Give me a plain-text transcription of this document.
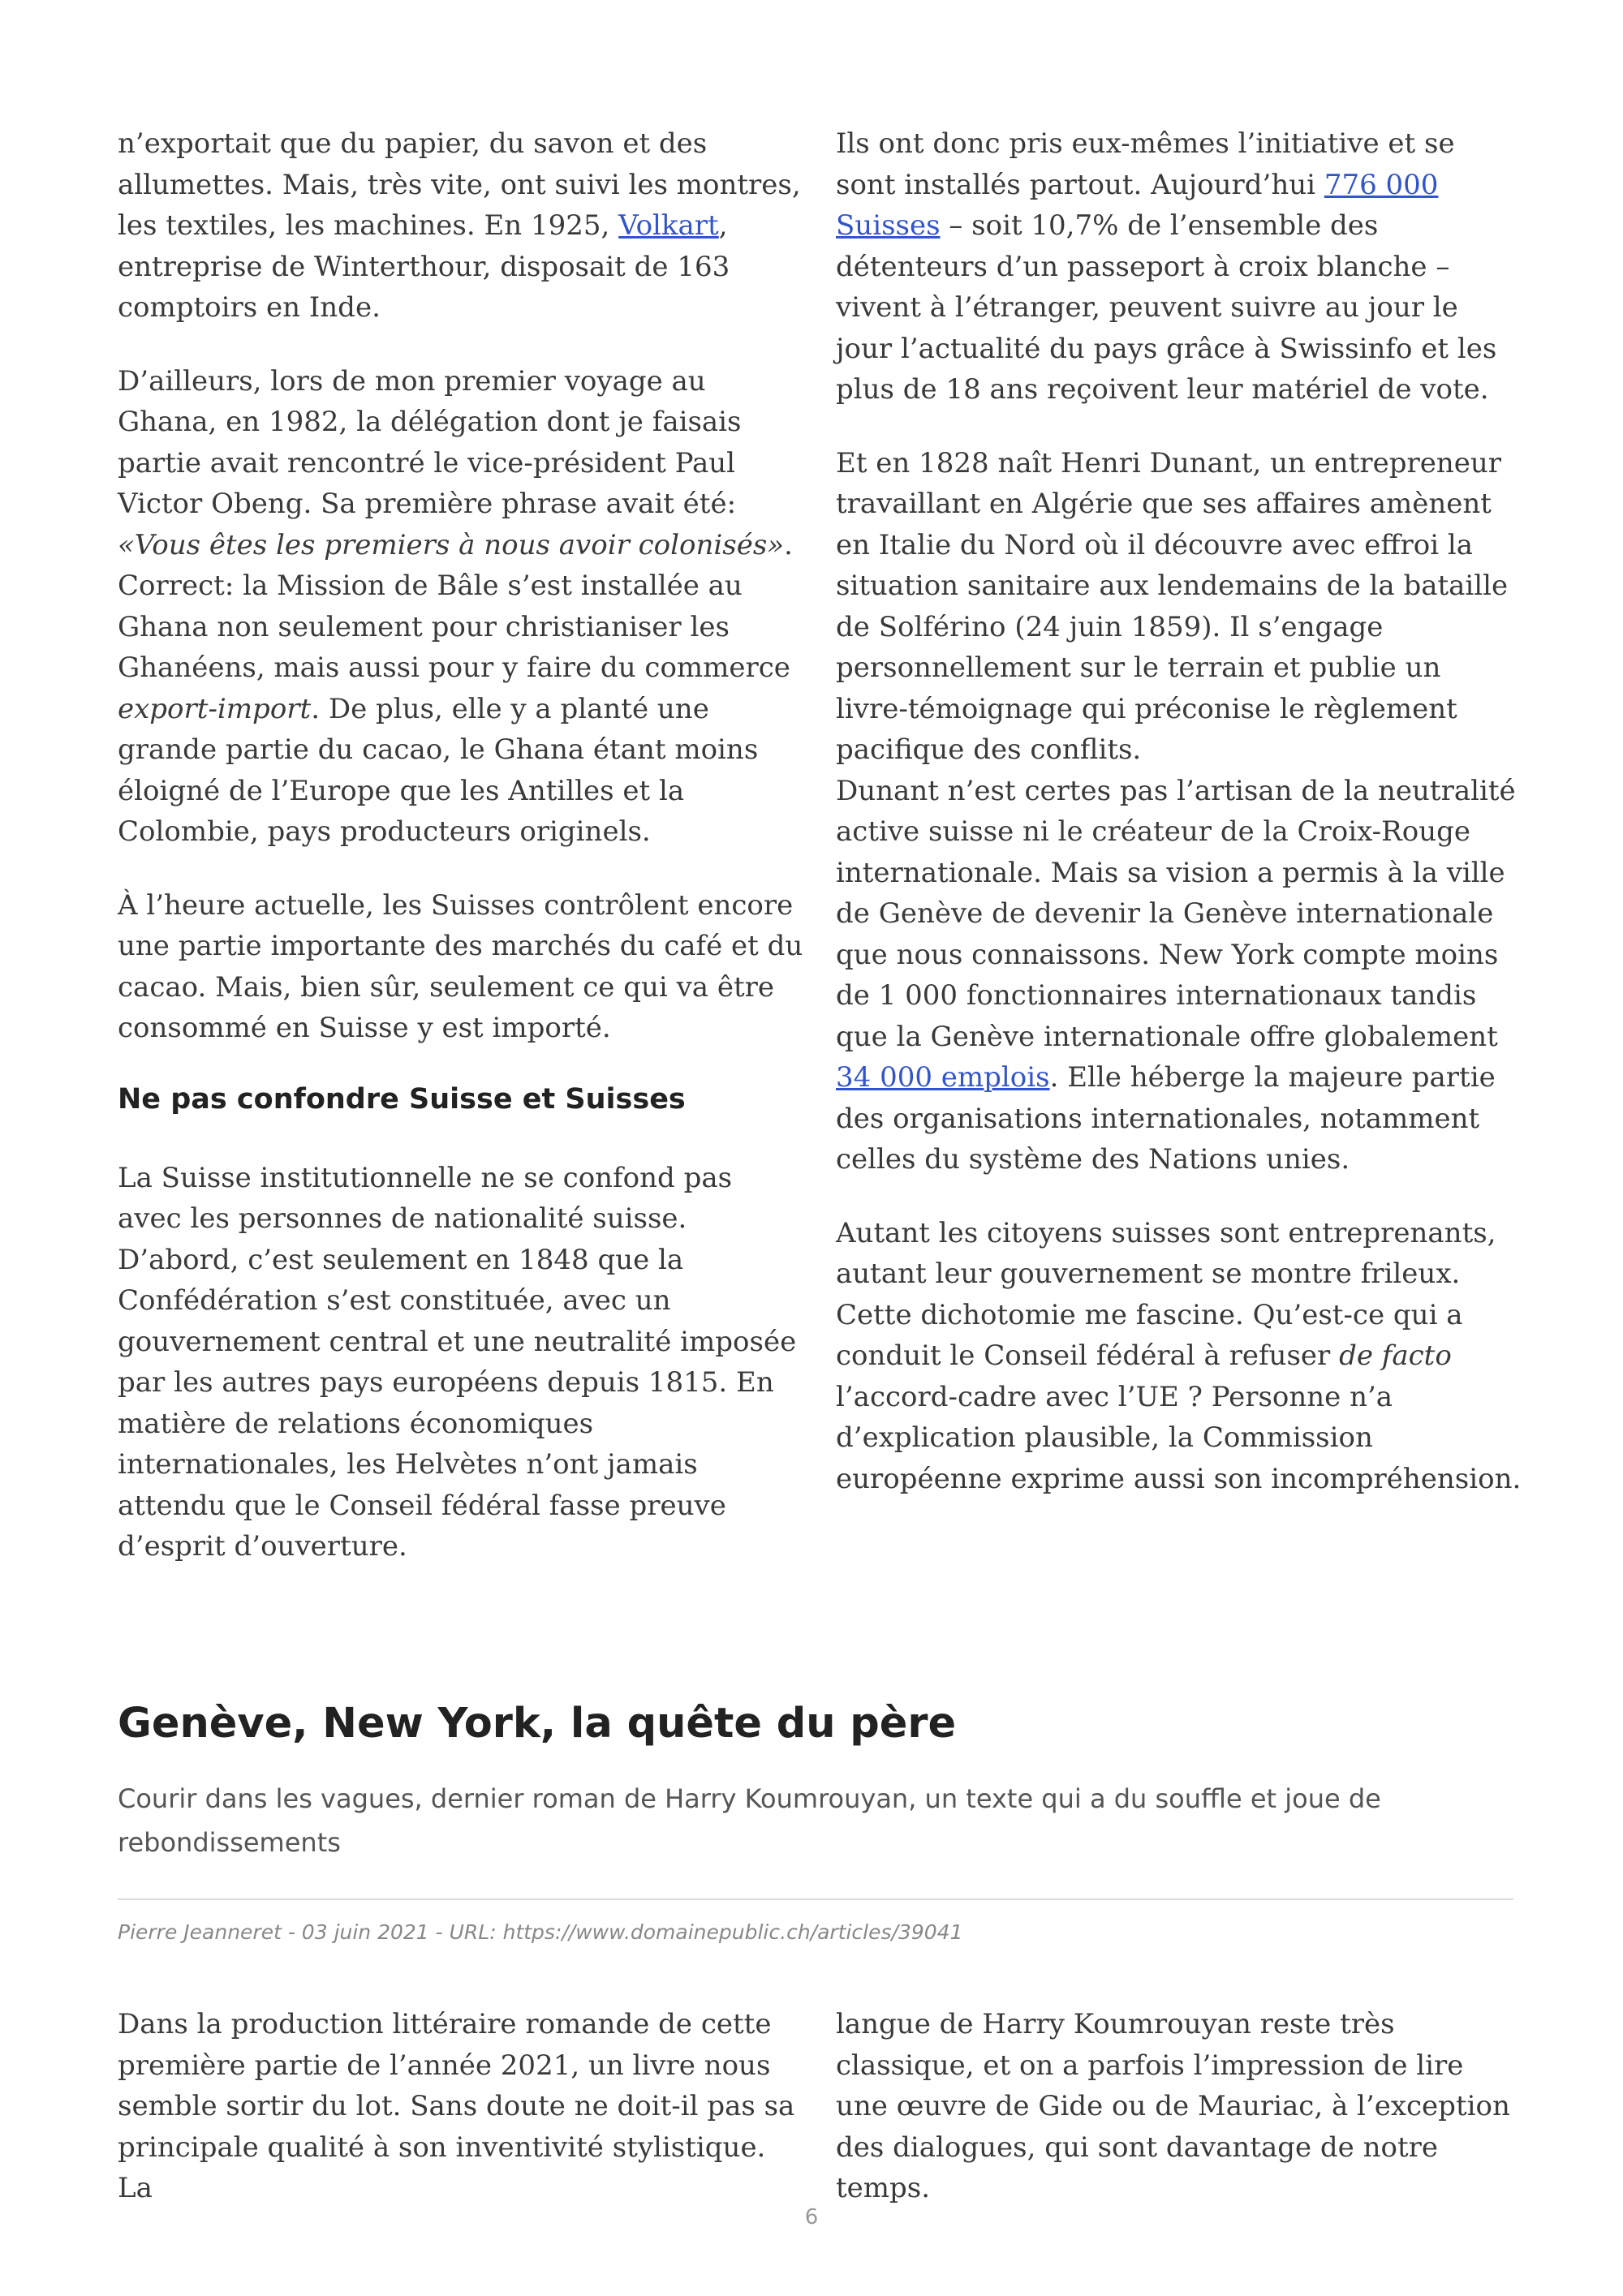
n’exportait que du papier, du savon et des allumettes. Mais, très vite, ont suivi les montres, les textiles, les machines. En 1925, Volkart, entreprise de Winterthour, disposait de 163 comptoirs en Inde.

D’ailleurs, lors de mon premier voyage au Ghana, en 1982, la délégation dont je faisais partie avait rencontré le vice-président Paul Victor Obeng. Sa première phrase avait été: «Vous êtes les premiers à nous avoir colonisés». Correct: la Mission de Bâle s’est installée au Ghana non seulement pour christianiser les Ghanéens, mais aussi pour y faire du commerce export-import. De plus, elle y a planté une grande partie du cacao, le Ghana étant moins éloigné de l’Europe que les Antilles et la Colombie, pays producteurs originels.

À l’heure actuelle, les Suisses contrôlent encore une partie importante des marchés du café et du cacao. Mais, bien sûr, seulement ce qui va être consommé en Suisse y est importé.

Ne pas confondre Suisse et Suisses

La Suisse institutionnelle ne se confond pas avec les personnes de nationalité suisse. D’abord, c’est seulement en 1848 que la Confédération s’est constituée, avec un gouvernement central et une neutralité imposée par les autres pays européens depuis 1815. En matière de relations économiques internationales, les Helvètes n’ont jamais attendu que le Conseil fédéral fasse preuve d’esprit d’ouverture.

Ils ont donc pris eux-mêmes l’initiative et se sont installés partout. Aujourd’hui 776 000 Suisses – soit 10,7% de l’ensemble des détenteurs d’un passeport à croix blanche – vivent à l’étranger, peuvent suivre au jour le jour l’actualité du pays grâce à Swissinfo et les plus de 18 ans reçoivent leur matériel de vote.

Et en 1828 naît Henri Dunant, un entrepreneur travaillant en Algérie que ses affaires amènent en Italie du Nord où il découvre avec effroi la situation sanitaire aux lendemains de la bataille de Solférino (24 juin 1859). Il s’engage personnellement sur le terrain et publie un livre-témoignage qui préconise le règlement pacifique des conflits.

Dunant n’est certes pas l’artisan de la neutralité active suisse ni le créateur de la Croix-Rouge internationale. Mais sa vision a permis à la ville de Genève de devenir la Genève internationale que nous connaissons. New York compte moins de 1 000 fonctionnaires internationaux tandis que la Genève internationale offre globalement 34 000 emplois. Elle héberge la majeure partie des organisations internationales, notamment celles du système des Nations unies.

Autant les citoyens suisses sont entreprenants, autant leur gouvernement se montre frileux. Cette dichotomie me fascine. Qu’est-ce qui a conduit le Conseil fédéral à refuser de facto l’accord-cadre avec l’UE ? Personne n’a d’explication plausible, la Commission européenne exprime aussi son incompréhension.

Genève, New York, la quête du père
Courir dans les vagues, dernier roman de Harry Koumrouyan, un texte qui a du souffle et joue de rebondissements
Pierre Jeanneret - 03 juin 2021 - URL: https://www.domainepublic.ch/articles/39041

Dans la production littéraire romande de cette première partie de l’année 2021, un livre nous semble sortir du lot. Sans doute ne doit-il pas sa principale qualité à son inventivité stylistique. La

langue de Harry Koumrouyan reste très classique, et on a parfois l’impression de lire une œuvre de Gide ou de Mauriac, à l’exception des dialogues, qui sont davantage de notre temps.

6
